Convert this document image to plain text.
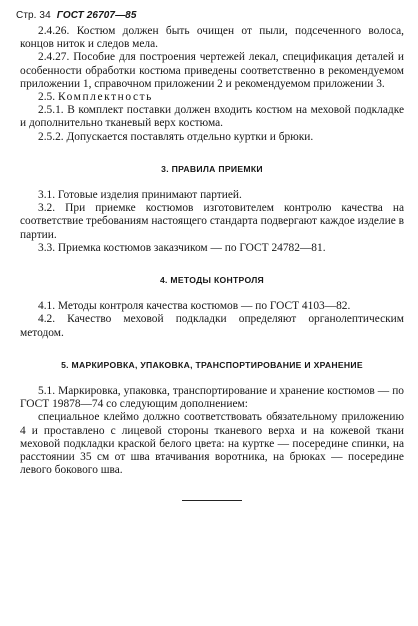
Стр. 34 ГОСТ 26707—85

2.4.26. Костюм должен быть очищен от пыли, подсеченного волоса, концов ниток и следов мела.

2.4.27. Пособие для построения чертежей лекал, спецификация деталей и особенности обработки костюма приведены соответственно в рекомендуемом приложении 1, справочном приложении 2 и рекомендуемом приложении 3.

2.5. Комплектность

2.5.1. В комплект поставки должен входить костюм на меховой подкладке и дополнительно тканевый верх костюма.

2.5.2. Допускается поставлять отдельно куртки и брюки.

3. ПРАВИЛА ПРИЕМКИ

3.1. Готовые изделия принимают партией.

3.2. При приемке костюмов изготовителем контролю качества на соответствие требованиям настоящего стандарта подвергают каждое изделие в партии.

3.3. Приемка костюмов заказчиком — по ГОСТ 24782—81.

4. МЕТОДЫ КОНТРОЛЯ

4.1. Методы контроля качества костюмов — по ГОСТ 4103—82.

4.2. Качество меховой подкладки определяют органолептическим методом.

5. МАРКИРОВКА, УПАКОВКА, ТРАНСПОРТИРОВАНИЕ И ХРАНЕНИЕ

5.1. Маркировка, упаковка, транспортирование и хранение костюмов — по ГОСТ 19878—74 со следующим дополнением:

специальное клеймо должно соответствовать обязательному приложению 4 и проставлено с лицевой стороны тканевого верха и на кожевой ткани меховой подкладки краской белого цвета: на куртке — посередине спинки, на расстоянии 35 см от шва втачивания воротника, на брюках — посередине левого бокового шва.
